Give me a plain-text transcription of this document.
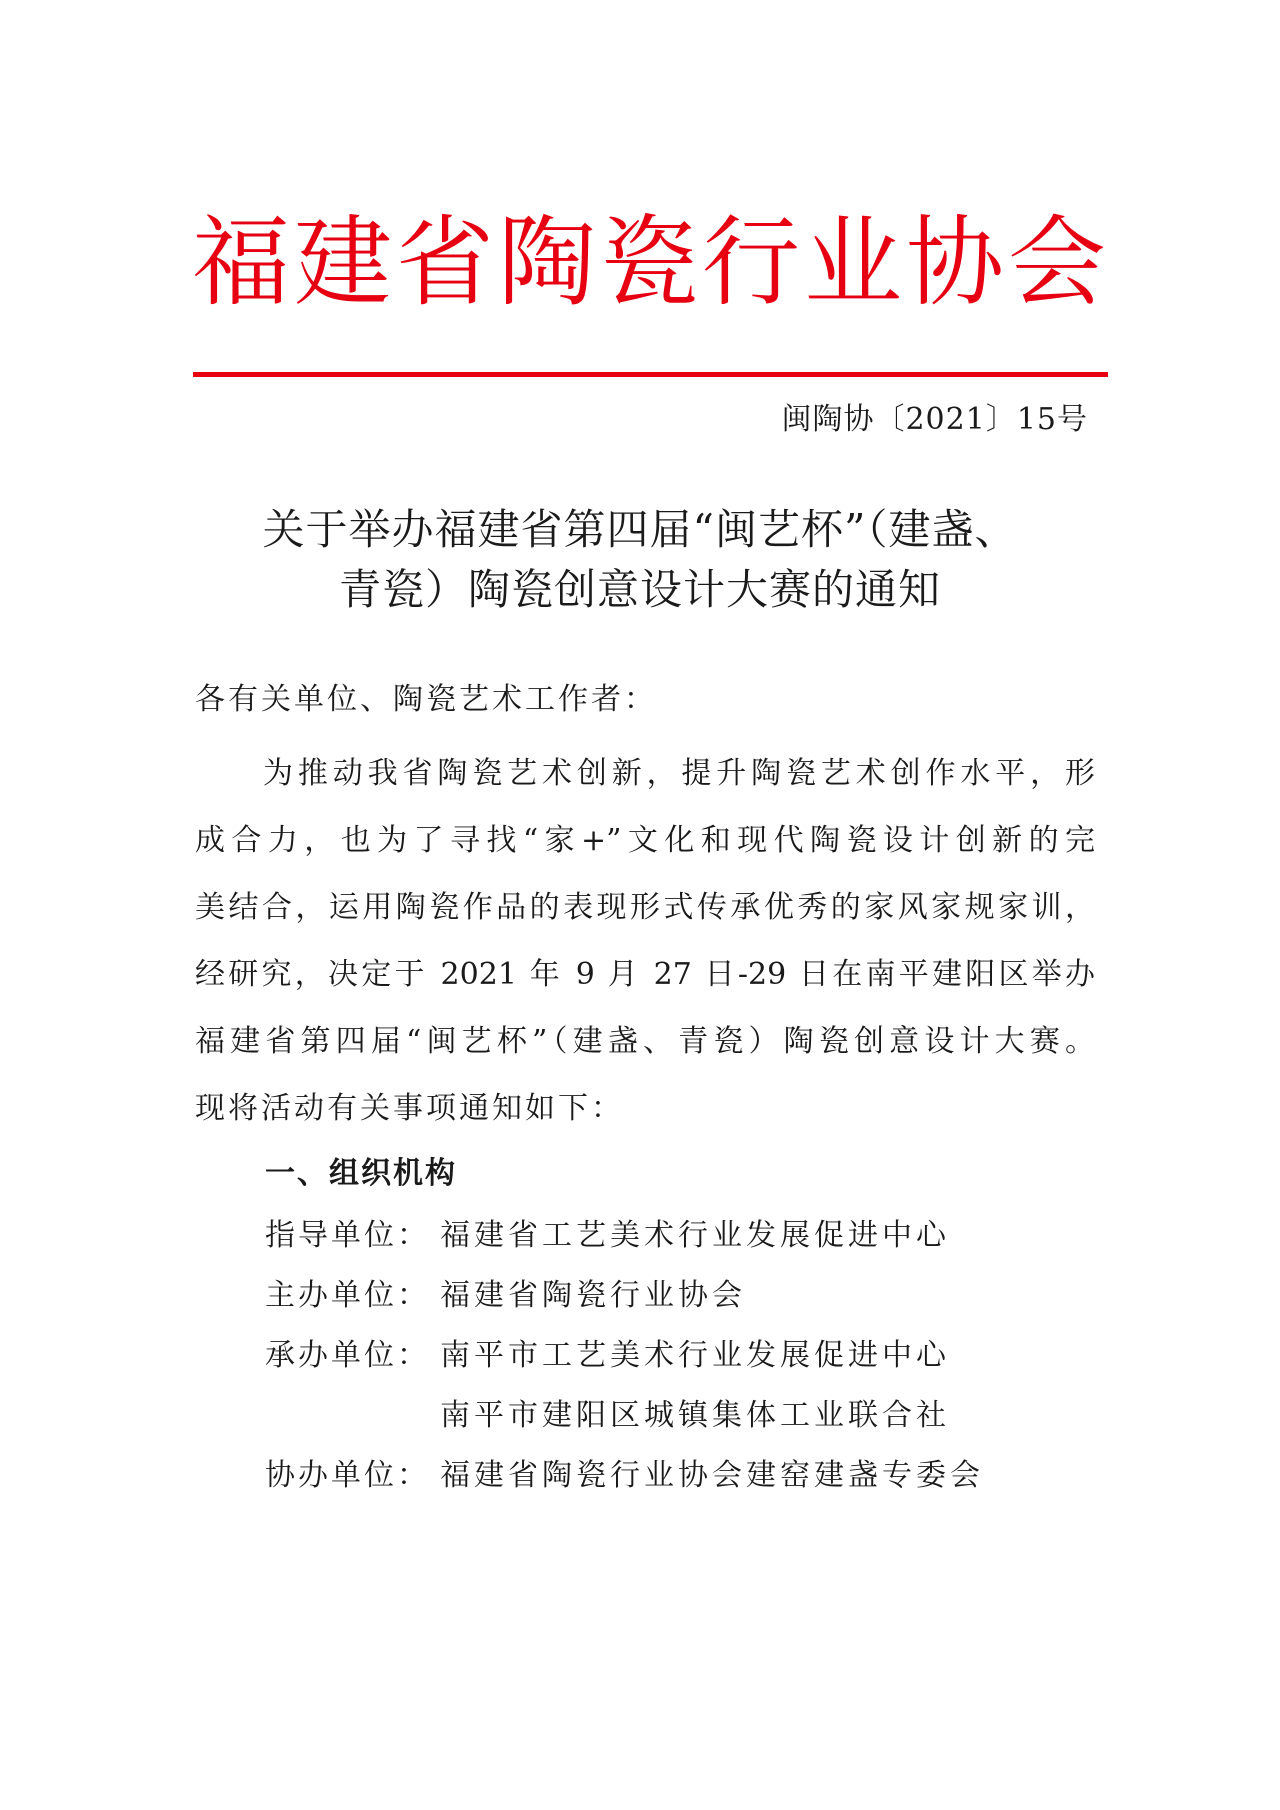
福建省陶瓷行业协会
闽陶协〔2021〕15号
关于举办福建省第四届“闽艺杯”（建盏、
青瓷）陶瓷创意设计大赛的通知
各有关单位、陶瓷艺术工作者：
为推动我省陶瓷艺术创新，提升陶瓷艺术创作水平，形
成合力，也为了寻找“家+”文化和现代陶瓷设计创新的完
美结合，运用陶瓷作品的表现形式传承优秀的家风家规家训，
经研究，决定于 2021 年 9 月 27 日-29 日在南平建阳区举办
福建省第四届“闽艺杯”（建盏、青瓷）陶瓷创意设计大赛。
现将活动有关事项通知如下：
一、组织机构
指导单位： 福建省工艺美术行业发展促进中心
主办单位： 福建省陶瓷行业协会
承办单位： 南平市工艺美术行业发展促进中心
南平市建阳区城镇集体工业联合社
协办单位： 福建省陶瓷行业协会建窑建盏专委会
